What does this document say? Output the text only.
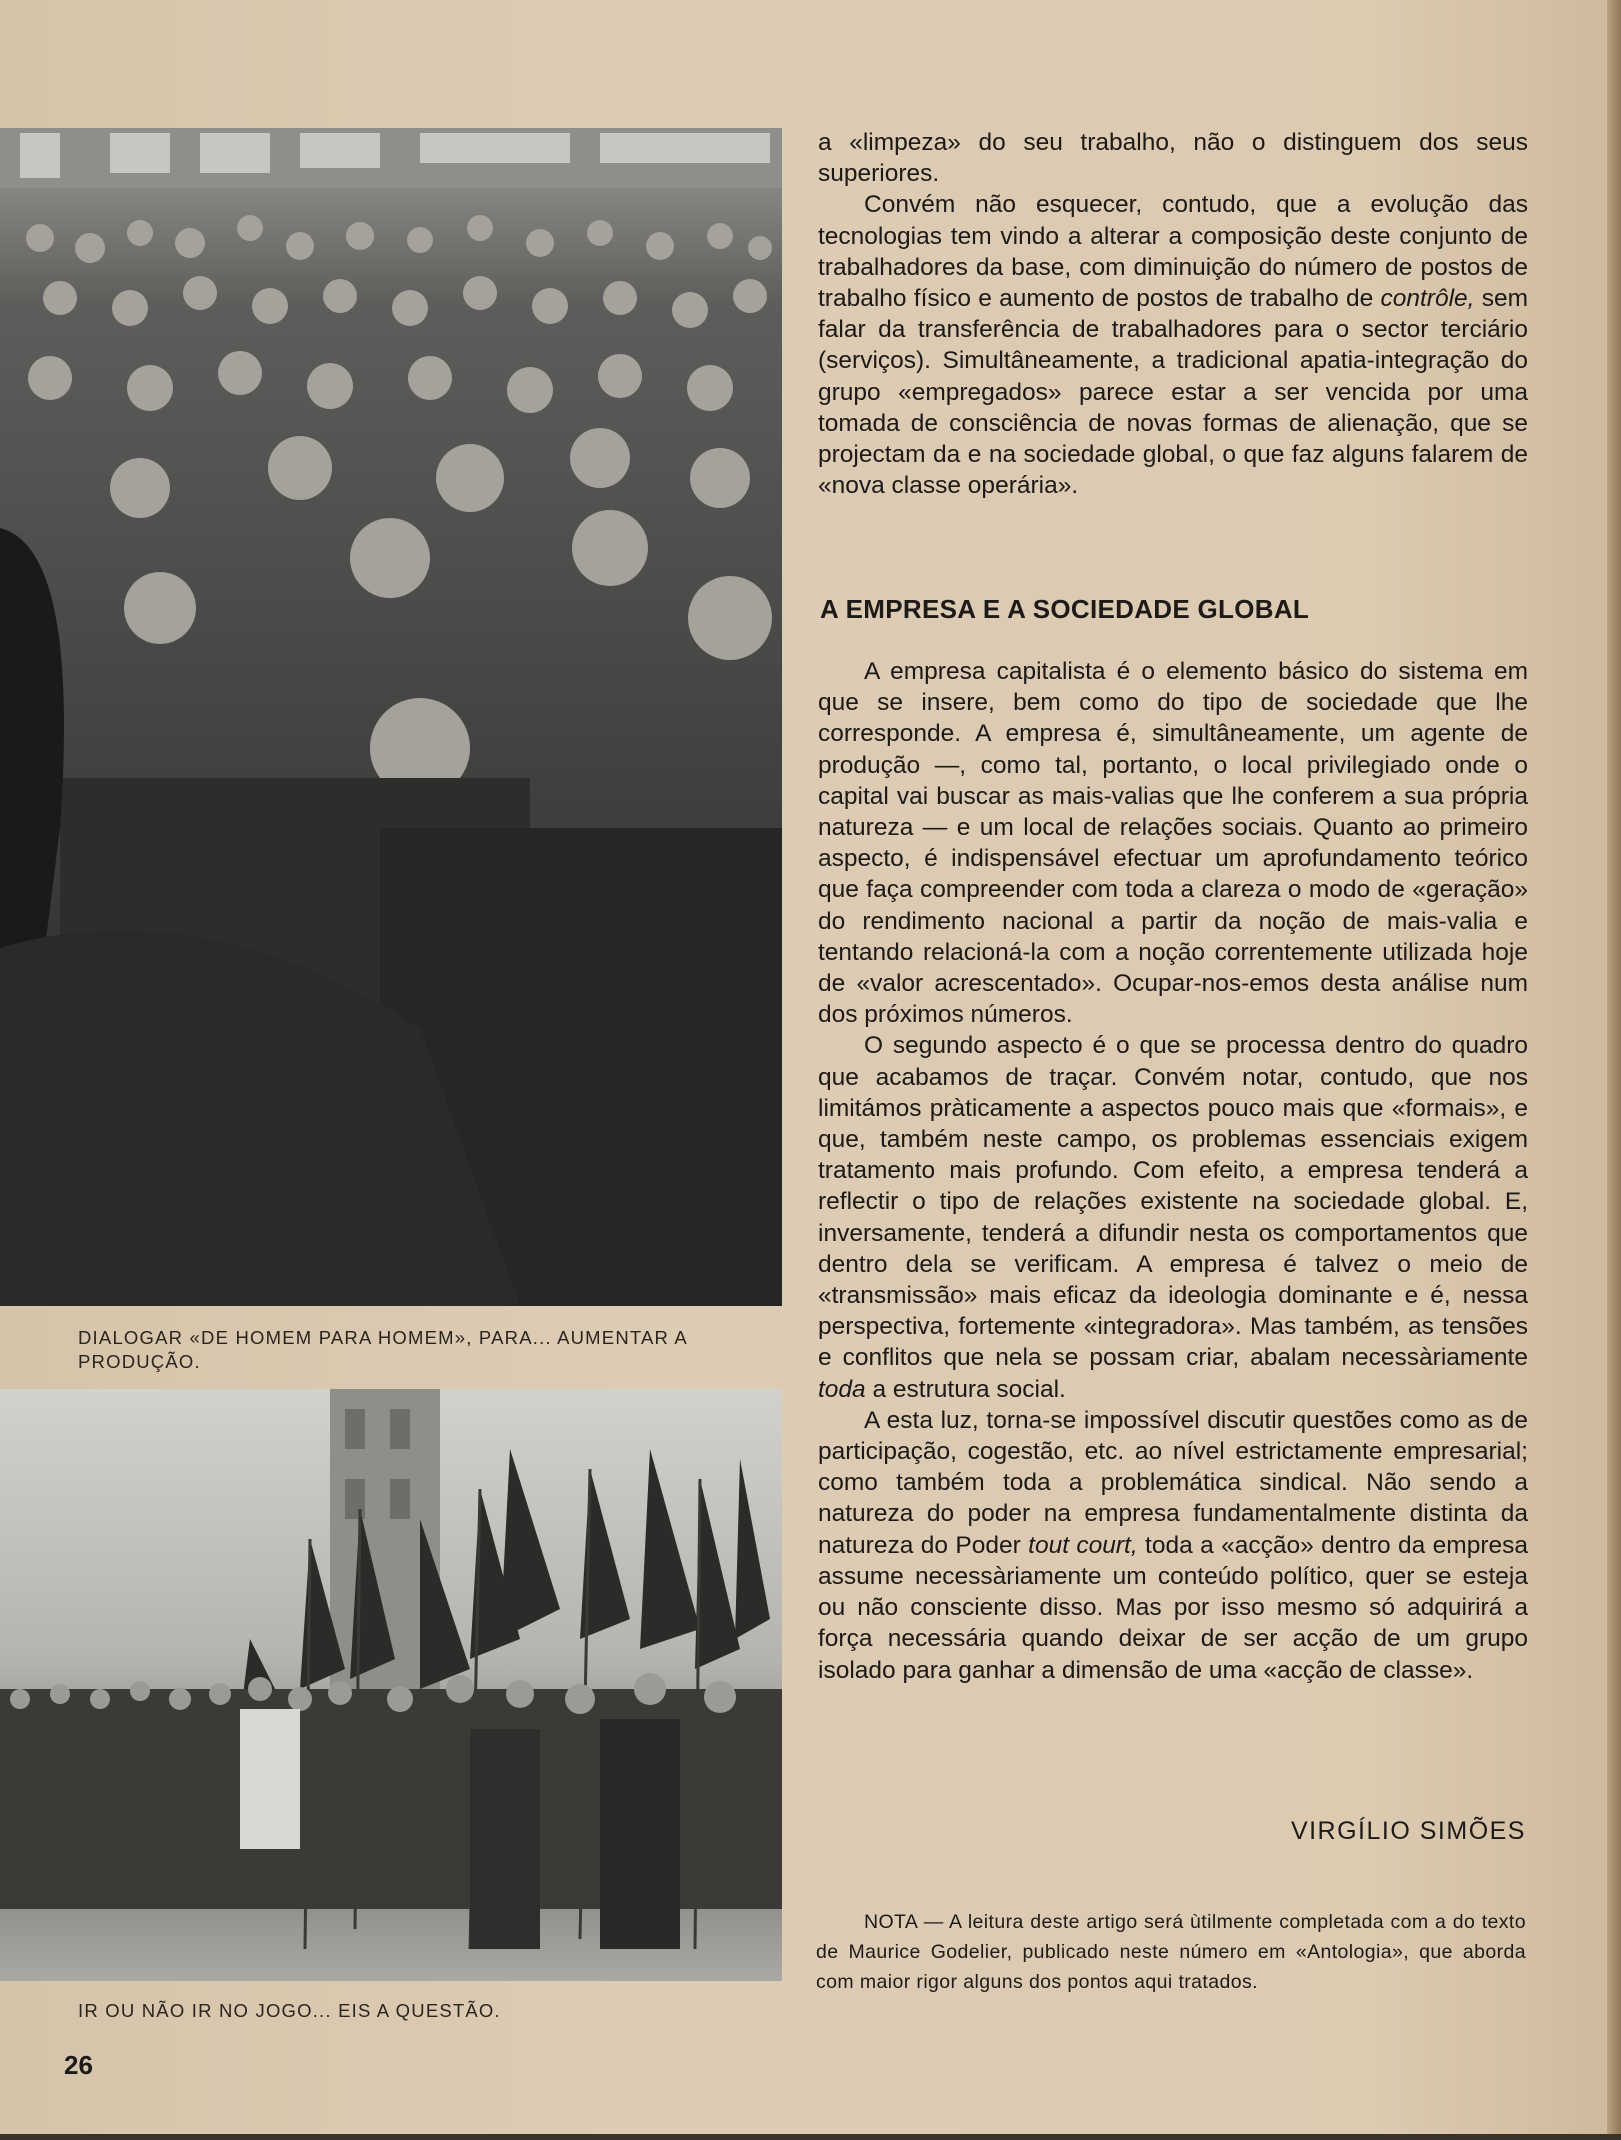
DIALOGAR «DE HOMEM PARA HOMEM», PARA... AUMENTAR A PRODUÇÃO.
IR OU NÃO IR NO JOGO... EIS A QUESTÃO.
26

a «limpeza» do seu trabalho, não o distinguem dos seus superiores.

Convém não esquecer, contudo, que a evolução das tecnologias tem vindo a alterar a composição deste conjunto de trabalhadores da base, com diminuição do número de postos de trabalho físico e aumento de postos de trabalho de contrôle, sem falar da transferência de trabalhadores para o sector terciário (serviços). Simultâneamente, a tradicional apatia-integração do grupo «empregados» parece estar a ser vencida por uma tomada de consciência de novas formas de alienação, que se projectam da e na sociedade global, o que faz alguns falarem de «nova classe operária».

A EMPRESA E A SOCIEDADE GLOBAL

A empresa capitalista é o elemento básico do sistema em que se insere, bem como do tipo de sociedade que lhe corresponde. A empresa é, simultâneamente, um agente de produção —, como tal, portanto, o local privilegiado onde o capital vai buscar as mais-valias que lhe conferem a sua própria natureza — e um local de relações sociais. Quanto ao primeiro aspecto, é indispensável efectuar um aprofundamento teórico que faça compreender com toda a clareza o modo de «geração» do rendimento nacional a partir da noção de mais-valia e tentando relacioná-la com a noção correntemente utilizada hoje de «valor acrescentado». Ocupar-nos-emos desta análise num dos próximos números.

O segundo aspecto é o que se processa dentro do quadro que acabamos de traçar. Convém notar, contudo, que nos limitámos pràticamente a aspectos pouco mais que «formais», e que, também neste campo, os problemas essenciais exigem tratamento mais profundo. Com efeito, a empresa tenderá a reflectir o tipo de relações existente na sociedade global. E, inversamente, tenderá a difundir nesta os comportamentos que dentro dela se verificam. A empresa é talvez o meio de «transmissão» mais eficaz da ideologia dominante e é, nessa perspectiva, fortemente «integradora». Mas também, as tensões e conflitos que nela se possam criar, abalam necessàriamente toda a estrutura social.

A esta luz, torna-se impossível discutir questões como as de participação, cogestão, etc. ao nível estrictamente empresarial; como também toda a problemática sindical. Não sendo a natureza do poder na empresa fundamentalmente distinta da natureza do Poder tout court, toda a «acção» dentro da empresa assume necessàriamente um conteúdo político, quer se esteja ou não consciente disso. Mas por isso mesmo só adquirirá a força necessária quando deixar de ser acção de um grupo isolado para ganhar a dimensão de uma «acção de classe».

VIRGÍLIO SIMÕES

NOTA — A leitura deste artigo será ùtilmente completada com a do texto de Maurice Godelier, publicado neste número em «Antologia», que aborda com maior rigor alguns dos pontos aqui tratados.
